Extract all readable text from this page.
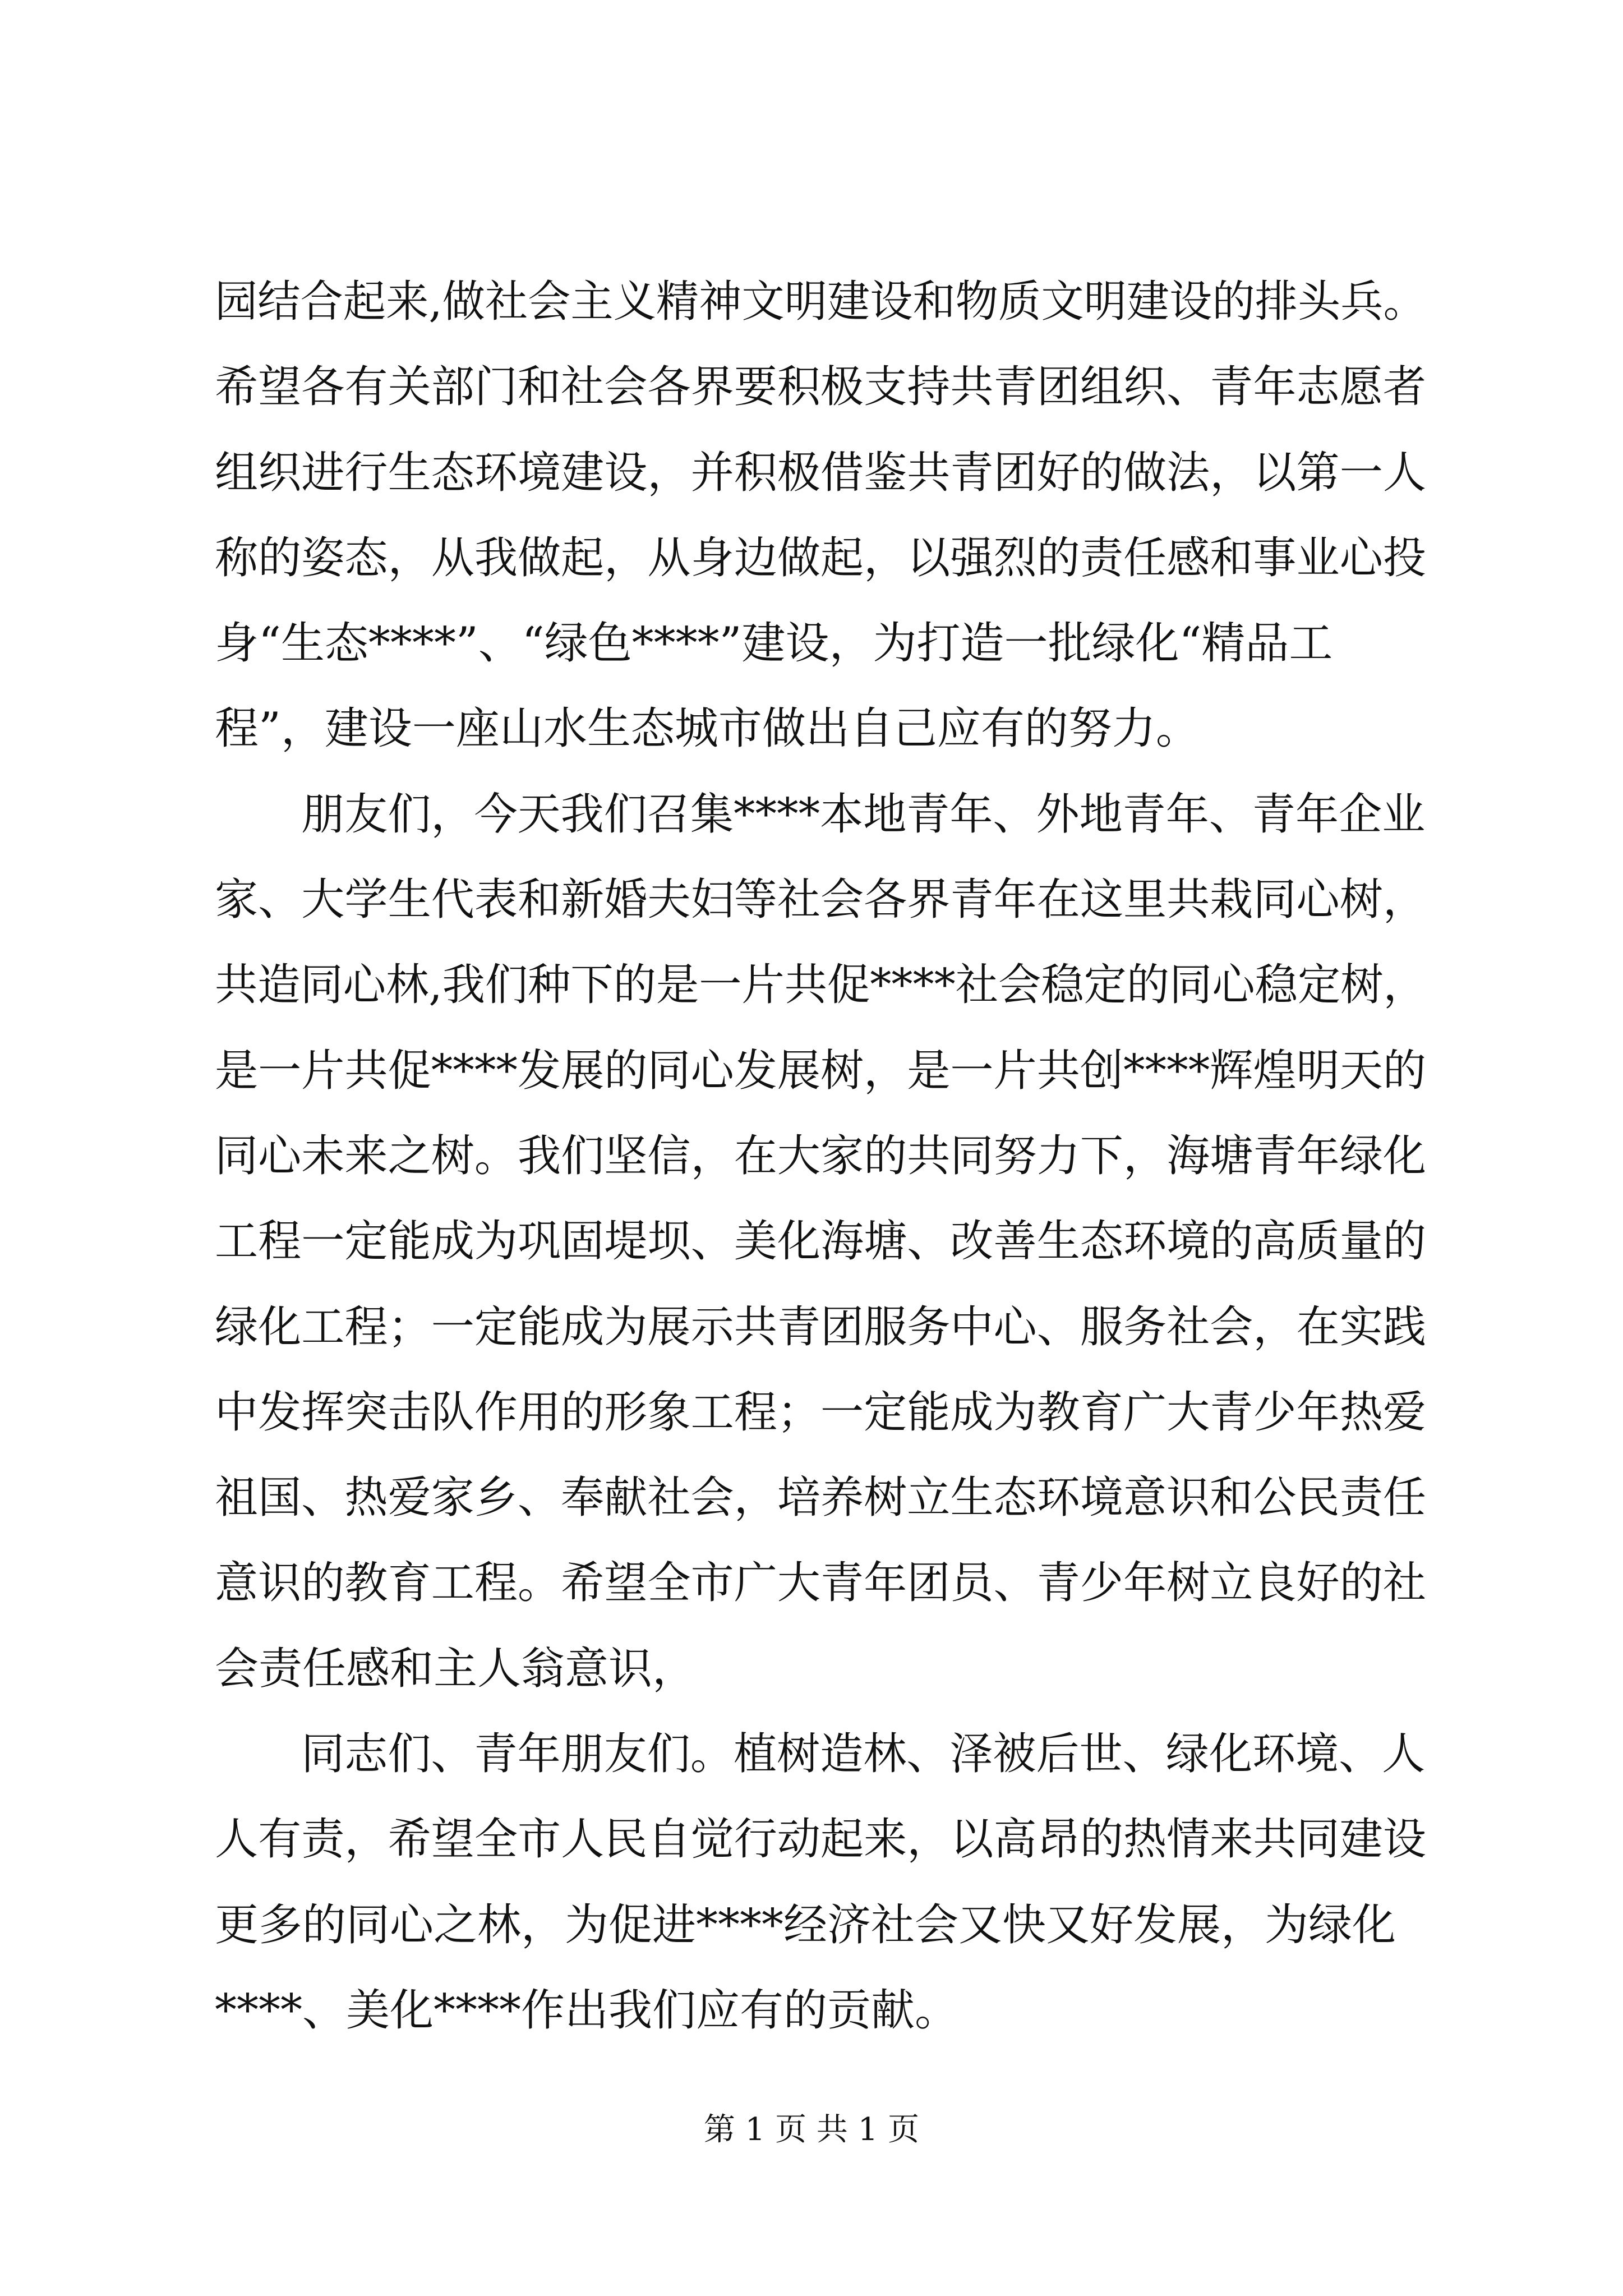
园结合起来,做社会主义精神文明建设和物质文明建设的排头兵。
希望各有关部门和社会各界要积极支持共青团组织、青年志愿者
组织进行生态环境建设，并积极借鉴共青团好的做法，以第一人
称的姿态，从我做起，从身边做起，以强烈的责任感和事业心投
身“生态****”、“绿色****”建设，为打造一批绿化“精品工
程”，建设一座山水生态城市做出自己应有的努力。
朋友们，今天我们召集****本地青年、外地青年、青年企业
家、大学生代表和新婚夫妇等社会各界青年在这里共栽同心树，
共造同心林,我们种下的是一片共促****社会稳定的同心稳定树，
是一片共促****发展的同心发展树，是一片共创****辉煌明天的
同心未来之树。我们坚信，在大家的共同努力下，海塘青年绿化
工程一定能成为巩固堤坝、美化海塘、改善生态环境的高质量的
绿化工程；一定能成为展示共青团服务中心、服务社会，在实践
中发挥突击队作用的形象工程；一定能成为教育广大青少年热爱
祖国、热爱家乡、奉献社会，培养树立生态环境意识和公民责任
意识的教育工程。希望全市广大青年团员、青少年树立良好的社
会责任感和主人翁意识，
同志们、青年朋友们。植树造林、泽被后世、绿化环境、人
人有责，希望全市人民自觉行动起来，以高昂的热情来共同建设
更多的同心之林，为促进****经济社会又快又好发展，为绿化
****、美化****作出我们应有的贡献。
第 1 页 共 1 页
